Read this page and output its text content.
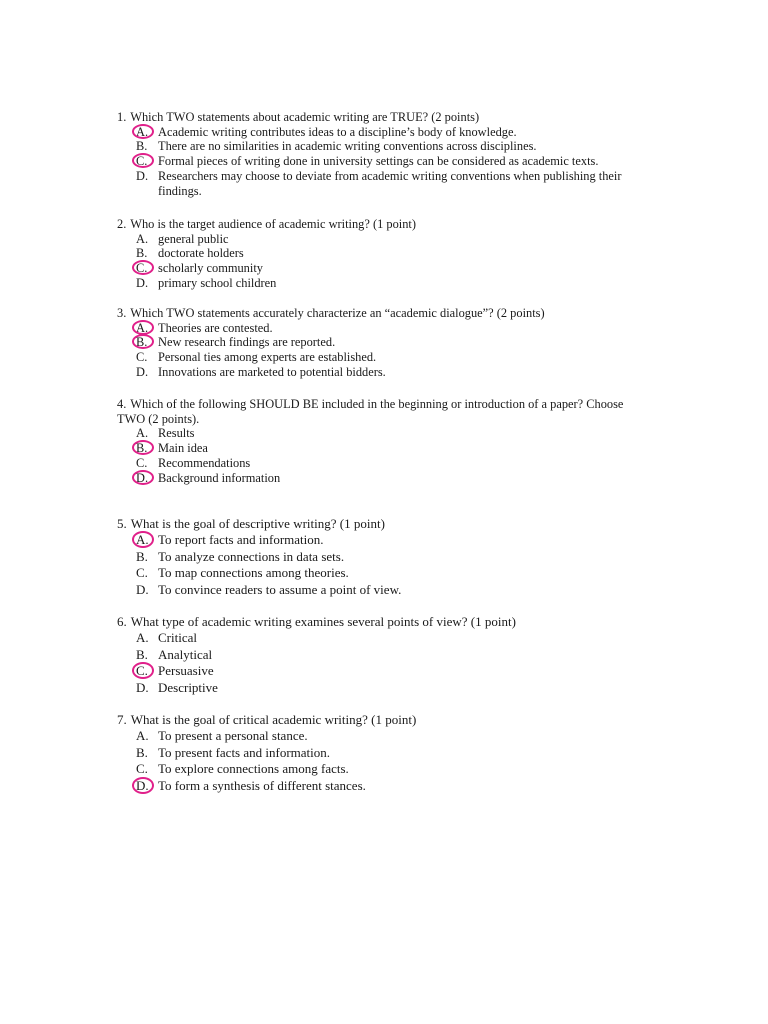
1. Which TWO statements about academic writing are TRUE? (2 points)

A. Academic writing contributes ideas to a discipline’s body of knowledge.
B. There are no similarities in academic writing conventions across disciplines.
C. Formal pieces of writing done in university settings can be considered as academic texts.
D. Researchers may choose to deviate from academic writing conventions when publishing their findings.

2. Who is the target audience of academic writing? (1 point)

A. general public
B. doctorate holders
C. scholarly community
D. primary school children

3. Which TWO statements accurately characterize an “academic dialogue”? (2 points)

A. Theories are contested.
B. New research findings are reported.
C. Personal ties among experts are established.
D. Innovations are marketed to potential bidders.

4. Which of the following SHOULD BE included in the beginning or introduction of a paper? Choose TWO (2 points).

A. Results
B. Main idea
C. Recommendations
D. Background information

5. What is the goal of descriptive writing? (1 point)

A. To report facts and information.
B. To analyze connections in data sets.
C. To map connections among theories.
D. To convince readers to assume a point of view.

6. What type of academic writing examines several points of view? (1 point)

A. Critical
B. Analytical
C. Persuasive
D. Descriptive

7. What is the goal of critical academic writing? (1 point)

A. To present a personal stance.
B. To present facts and information.
C. To explore connections among facts.
D. To form a synthesis of different stances.
